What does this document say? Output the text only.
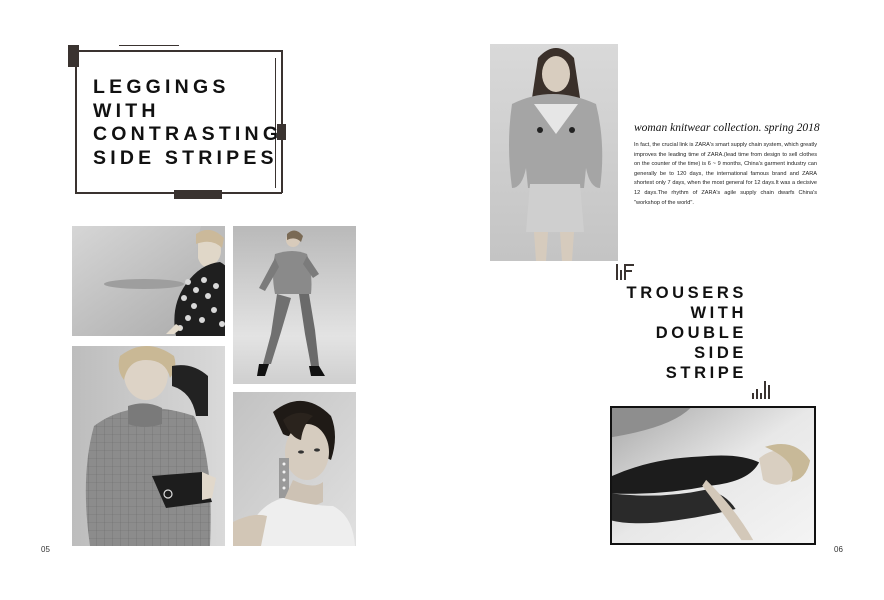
LEGGINGS
WITH
CONTRASTING
SIDE STRIPES
05
woman knitwear collection. spring 2018

In fact, the crucial link is ZARA's smart supply chain system, which greatly improves the leading time of ZARA.(lead time from design to sell clothes on the counter of the time) is 6 ~ 9 months, China's garment industry can generally be to 120 days, the international famous brand and ZARA shortest only 7 days, when the most general for 12 days.It was a decisive 12 days.The rhythm of ZARA's agile supply chain dwarfs China's "workshop of the world".

TROUSERS
WITH
DOUBLE
SIDE
STRIPE
06
